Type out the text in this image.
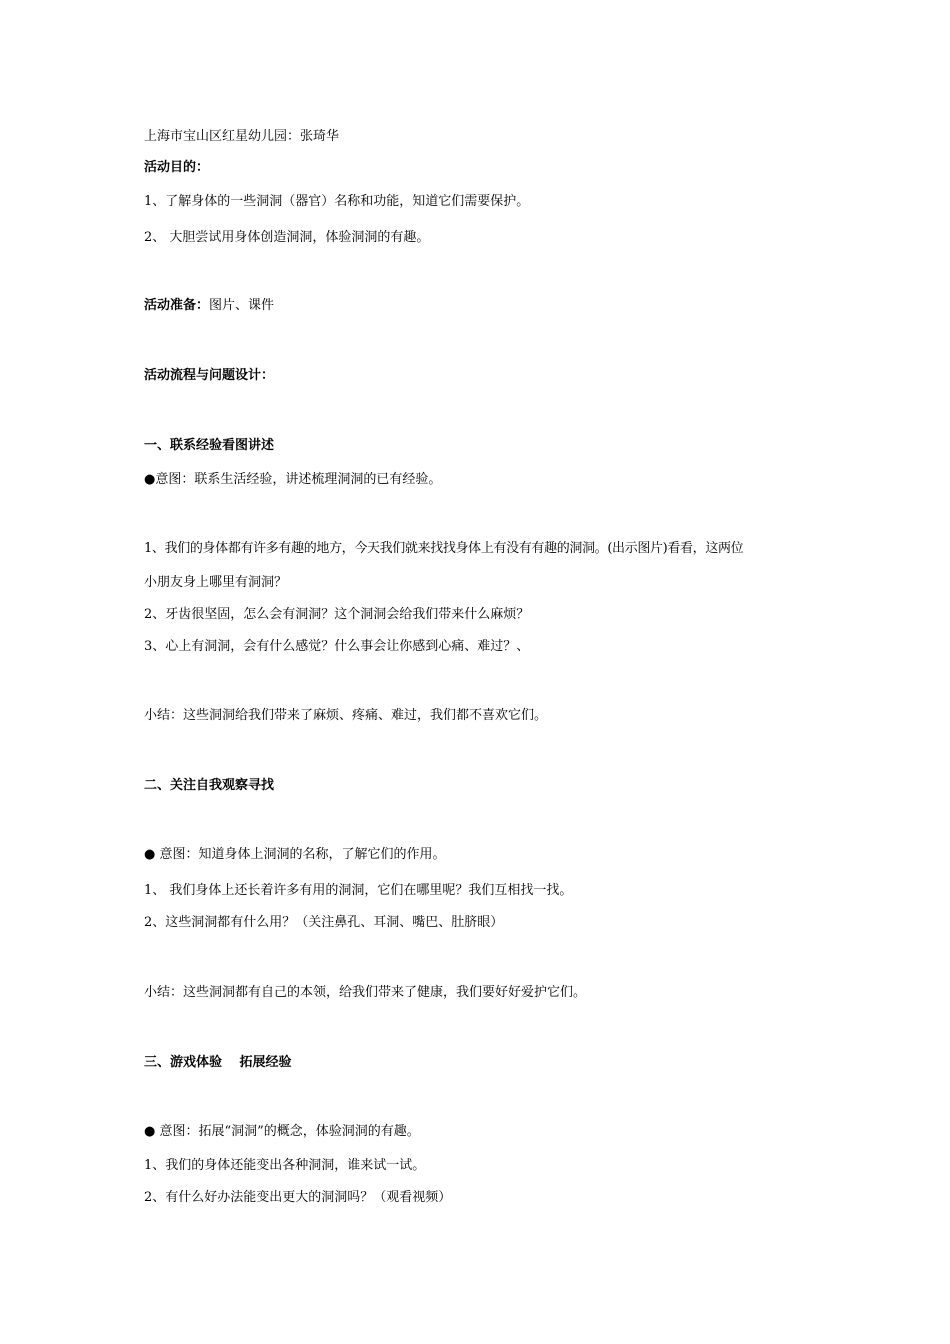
上海市宝山区红星幼儿园：张琦华
活动目的：
1、了解身体的一些洞洞（器官）名称和功能，知道它们需要保护。
2、 大胆尝试用身体创造洞洞，体验洞洞的有趣。
活动准备：图片、课件
活动流程与问题设计：
一、联系经验看图讲述
●意图：联系生活经验，讲述梳理洞洞的已有经验。
1、我们的身体都有许多有趣的地方，今天我们就来找找身体上有没有有趣的洞洞。(出示图片)看看，这两位
小朋友身上哪里有洞洞？
2、牙齿很坚固，怎么会有洞洞？这个洞洞会给我们带来什么麻烦？
3、心上有洞洞，会有什么感觉？什么事会让你感到心痛、难过？、
小结：这些洞洞给我们带来了麻烦、疼痛、难过，我们都不喜欢它们。
二、关注自我观察寻找
● 意图：知道身体上洞洞的名称，了解它们的作用。
1、 我们身体上还长着许多有用的洞洞，它们在哪里呢？我们互相找一找。
2、这些洞洞都有什么用？（关注鼻孔、耳洞、嘴巴、肚脐眼）
小结：这些洞洞都有自己的本领，给我们带来了健康，我们要好好爱护它们。
三、游戏体验　 拓展经验
● 意图：拓展“洞洞”的概念，体验洞洞的有趣。
1、我们的身体还能变出各种洞洞，谁来试一试。
2、有什么好办法能变出更大的洞洞吗？（观看视频）
